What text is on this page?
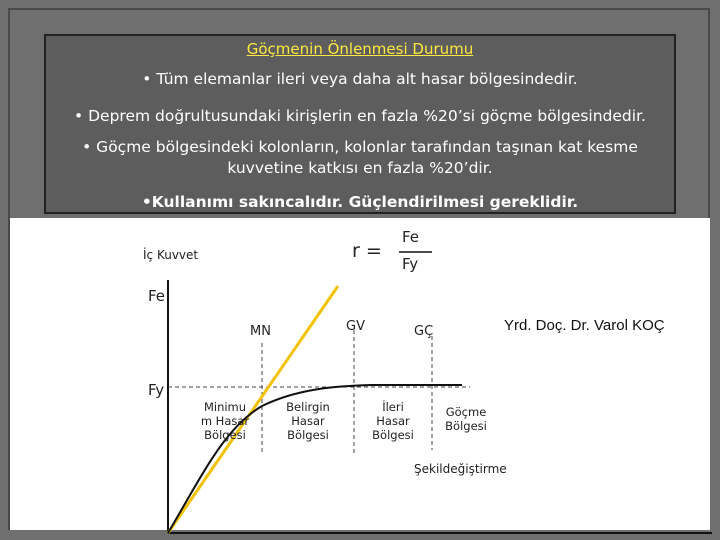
Göçmenin Önlenmesi Durumu
• Tüm elemanlar ileri veya daha alt hasar bölgesindedir.
• Deprem doğrultusundaki kirişlerin en fazla %20’si göçme bölgesindedir.
• Göçme bölgesindeki kolonların, kolonlar tarafından taşınan kat kesme
kuvvetine katkısı en fazla %20’dir.
•Kullanımı sakıncalıdır. Güçlendirilmesi gereklidir.
İç Kuvvet	r =
Fe
Fy
Fe
Fy
MN	GV	GÇ
Minimu
m Hasar
Bölgesi
Belirgin
Hasar
Bölgesi
İleri
Hasar
Bölgesi
Göçme
Bölgesi
Şekildeğiştirme
Yrd. Doç. Dr. Varol KOÇ
